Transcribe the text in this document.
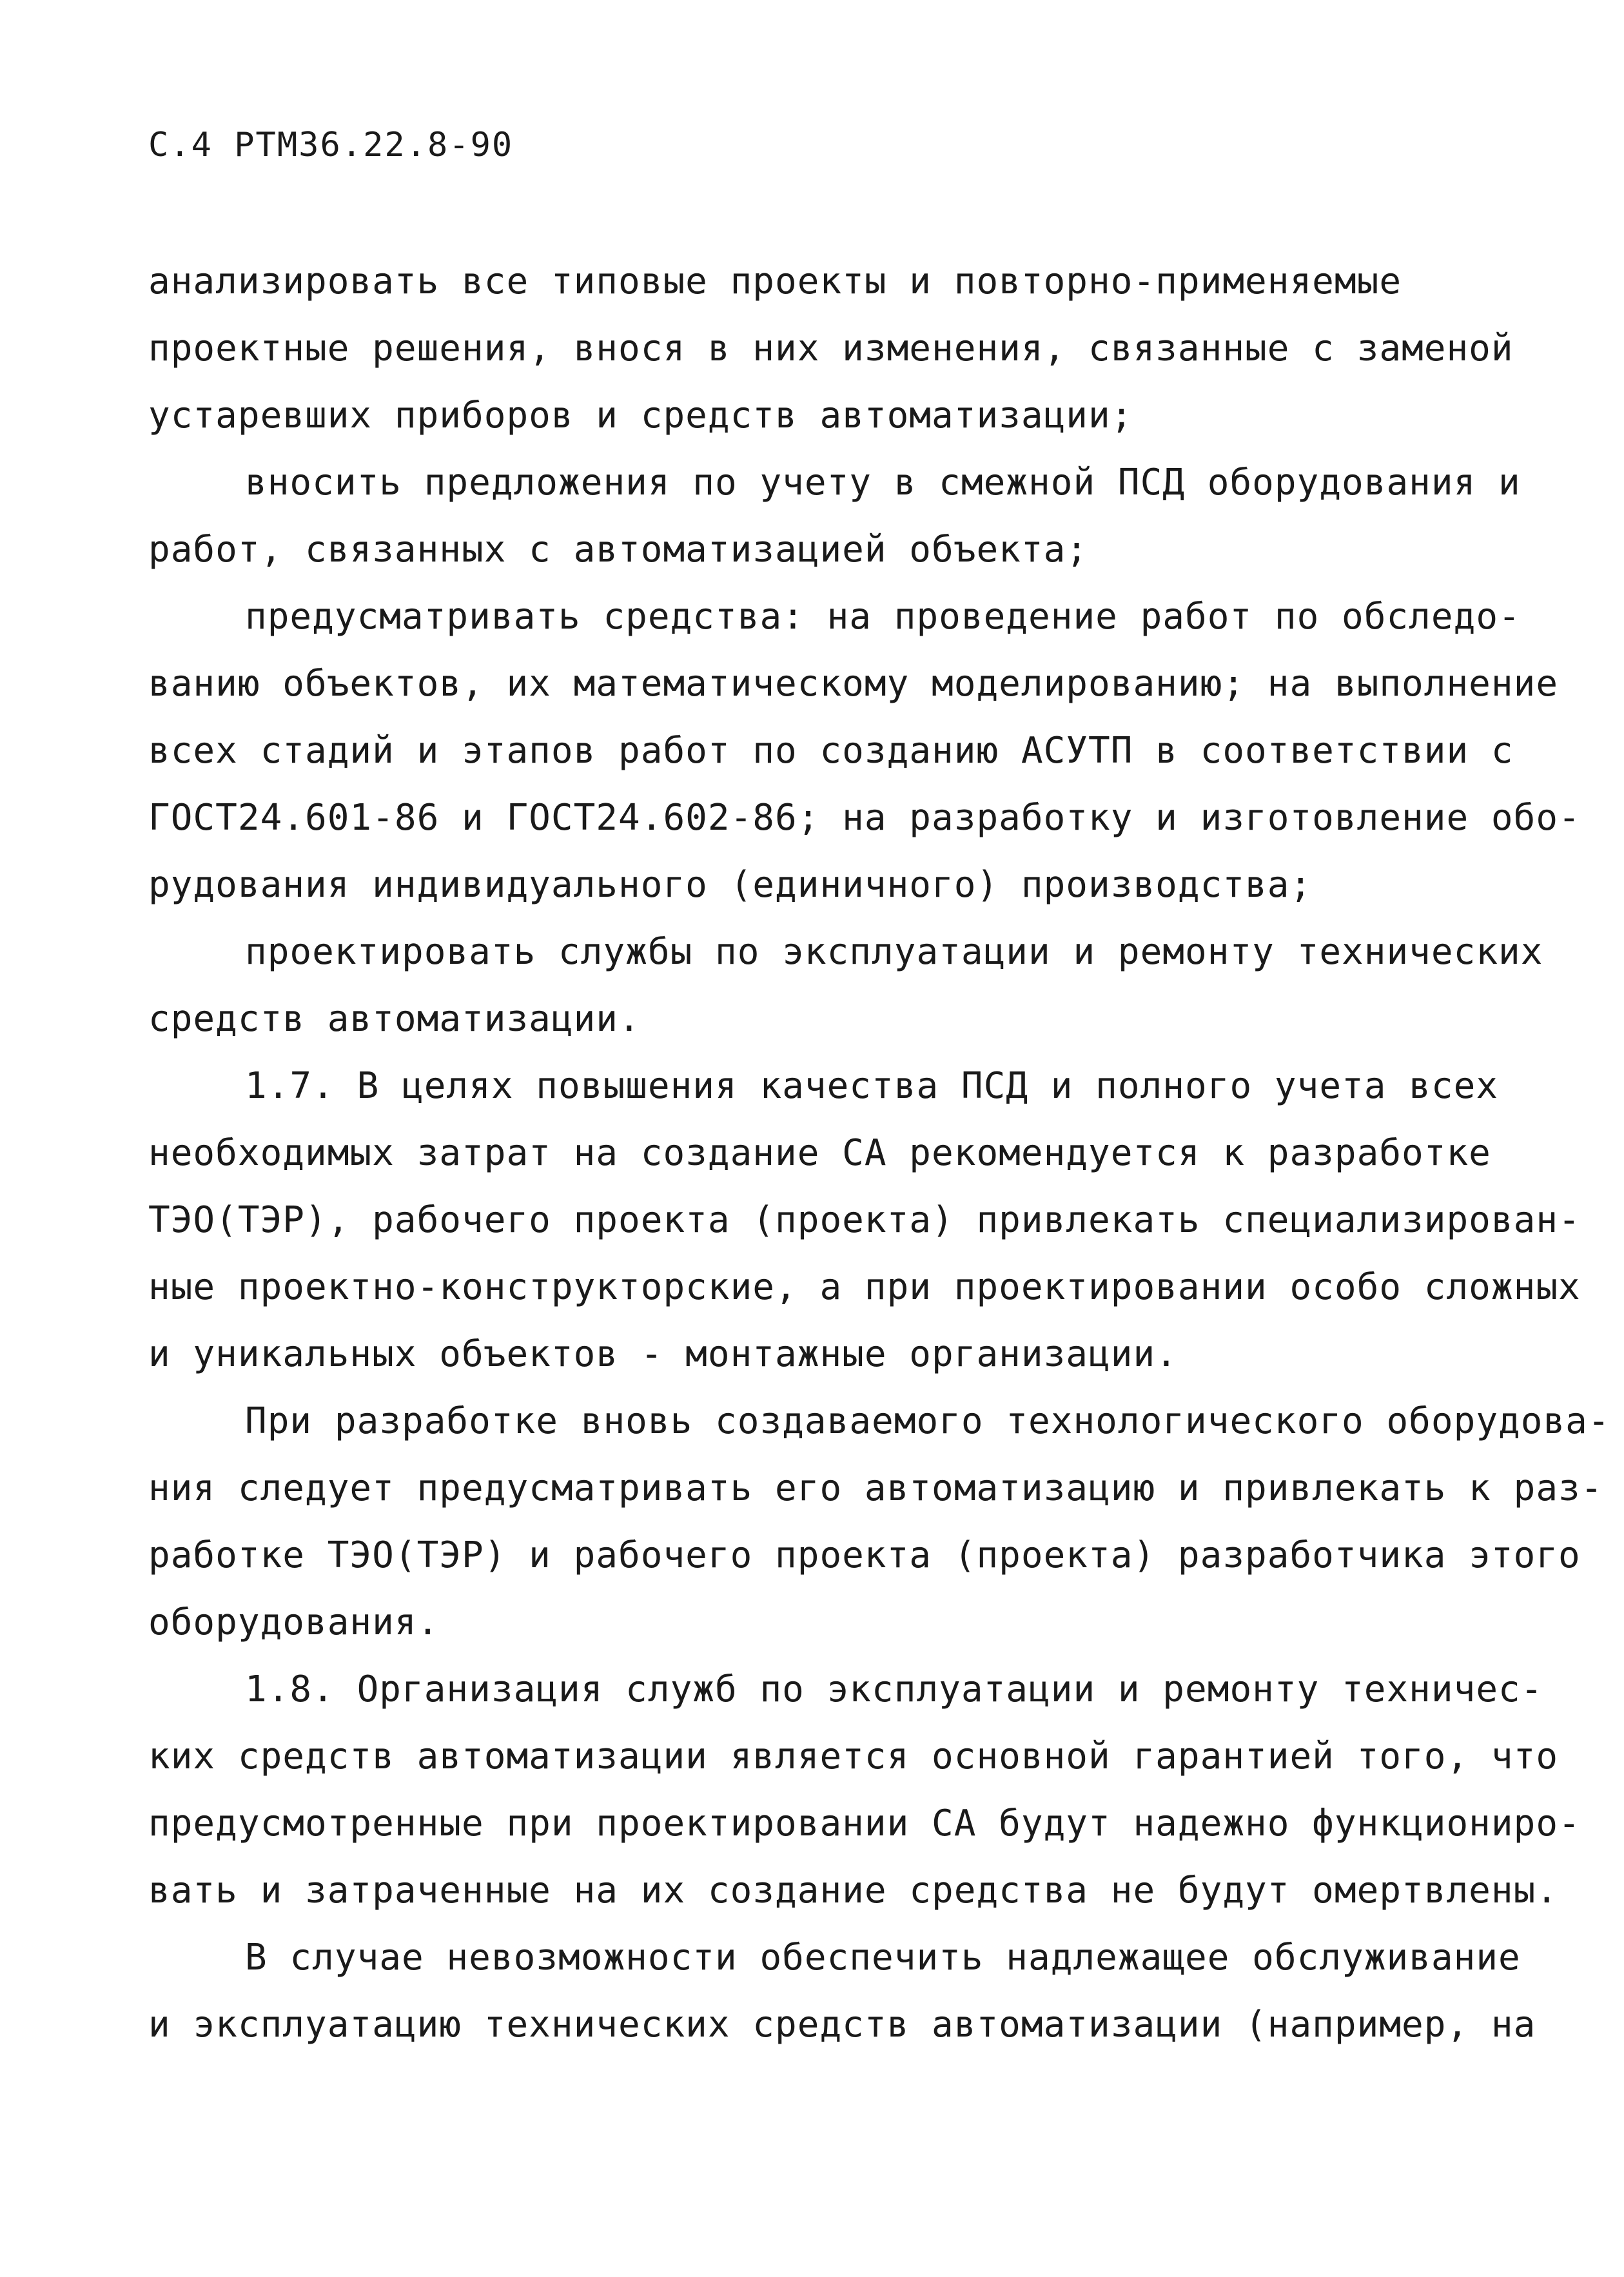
С.4 РТМ36.22.8-90
анализировать все типовые проекты и повторно-применяемые
проектные решения, внося в них изменения, связанные с заменой
устаревших приборов и средств автоматизации;
вносить предложения по учету в смежной ПСД оборудования и
работ, связанных с автоматизацией объекта;
предусматривать средства: на проведение работ по обследо-
ванию объектов, их математическому моделированию; на выполнение
всех стадий и этапов работ по созданию АСУТП в соответствии с
ГОСТ24.601-86 и ГОСТ24.602-86; на разработку и изготовление обо-
рудования индивидуального (единичного) производства;
проектировать службы по эксплуатации и ремонту технических
средств автоматизации.
1.7. В целях повышения качества ПСД и полного учета всех
необходимых затрат на создание СА рекомендуется к разработке
ТЭО(ТЭР), рабочего проекта (проекта) привлекать специализирован-
ные проектно-конструкторские, а при проектировании особо сложных
и уникальных объектов - монтажные организации.
При разработке вновь создаваемого технологического оборудова-
ния следует предусматривать его автоматизацию и привлекать к раз-
работке ТЭО(ТЭР) и рабочего проекта (проекта) разработчика этого
оборудования.
1.8. Организация служб по эксплуатации и ремонту техничес-
ких средств автоматизации является основной гарантией того, что
предусмотренные при проектировании СА будут надежно функциониро-
вать и затраченные на их создание средства не будут омертвлены.
В случае невозможности обеспечить надлежащее обслуживание
и эксплуатацию технических средств автоматизации (например, на
